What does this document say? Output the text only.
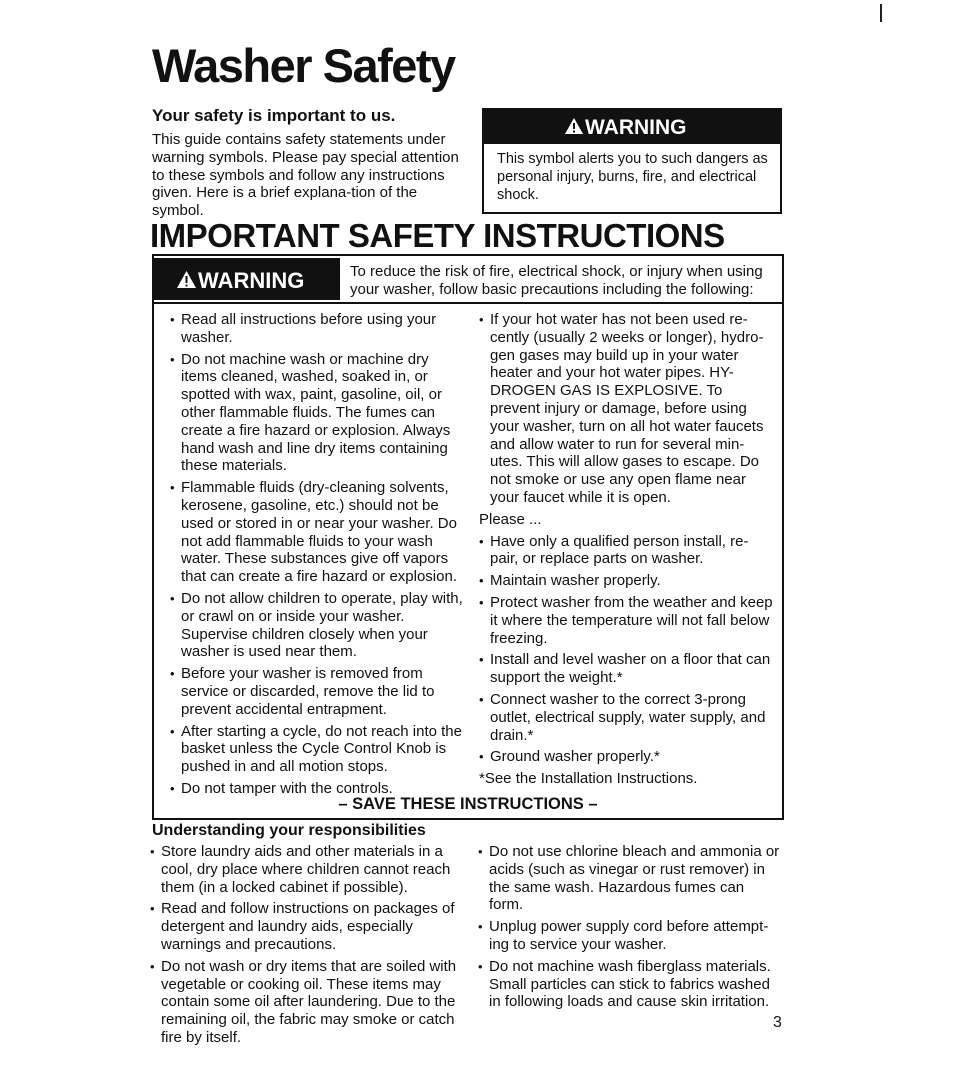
Washer Safety
Your safety is important to us.

This guide contains safety statements under warning symbols. Please pay special attention to these symbols and follow any instructions given. Here is a brief explana-tion of the symbol.

WARNING
This symbol alerts you to such dangers as personal injury, burns, fire, and electrical shock.
IMPORTANT SAFETY INSTRUCTIONS
WARNING	To reduce the risk of fire, electrical shock, or injury when using your washer, follow basic precautions including the following:
• Read all instructions before using your washer.
• Do not machine wash or machine dry items cleaned, washed, soaked in, or spotted with wax, paint, gasoline, oil, or other flammable fluids. The fumes can create a fire hazard or explosion. Always hand wash and line dry items containing these materials.
• Flammable fluids (dry-cleaning solvents, kerosene, gasoline, etc.) should not be used or stored in or near your washer. Do not add flammable fluids to your wash water. These substances give off vapors that can create a fire hazard or explosion.
• Do not allow children to operate, play with, or crawl on or inside your washer. Supervise children closely when your washer is used near them.
• Before your washer is removed from service or discarded, remove the lid to prevent accidental entrapment.
• After starting a cycle, do not reach into the basket unless the Cycle Control Knob is pushed in and all motion stops.
• Do not tamper with the controls.
• If your hot water has not been used re-cently (usually 2 weeks or longer), hydro-gen gases may build up in your water heater and your hot water pipes. HY-DROGEN GAS IS EXPLOSIVE. To prevent injury or damage, before using your washer, turn on all hot water faucets and allow water to run for several min-utes. This will allow gases to escape. Do not smoke or use any open flame near your faucet while it is open.

Please ...

• Have only a qualified person install, re-pair, or replace parts on washer.
• Maintain washer properly.
• Protect washer from the weather and keep it where the temperature will not fall below freezing.
• Install and level washer on a floor that can support the weight.*
• Connect washer to the correct 3-prong outlet, electrical supply, water supply, and drain.*
• Ground washer properly.*

*See the Installation Instructions.

– SAVE THESE INSTRUCTIONS –
Understanding your responsibilities
• Store laundry aids and other materials in a cool, dry place where children cannot reach them (in a locked cabinet if possible).
• Read and follow instructions on packages of detergent and laundry aids, especially warnings and precautions.
• Do not wash or dry items that are soiled with vegetable or cooking oil. These items may contain some oil after laundering. Due to the remaining oil, the fabric may smoke or catch fire by itself.
• Do not use chlorine bleach and ammonia or acids (such as vinegar or rust remover) in the same wash. Hazardous fumes can form.
• Unplug power supply cord before attempt-ing to service your washer.
• Do not machine wash fiberglass materials. Small particles can stick to fabrics washed in following loads and cause skin irritation.

3
